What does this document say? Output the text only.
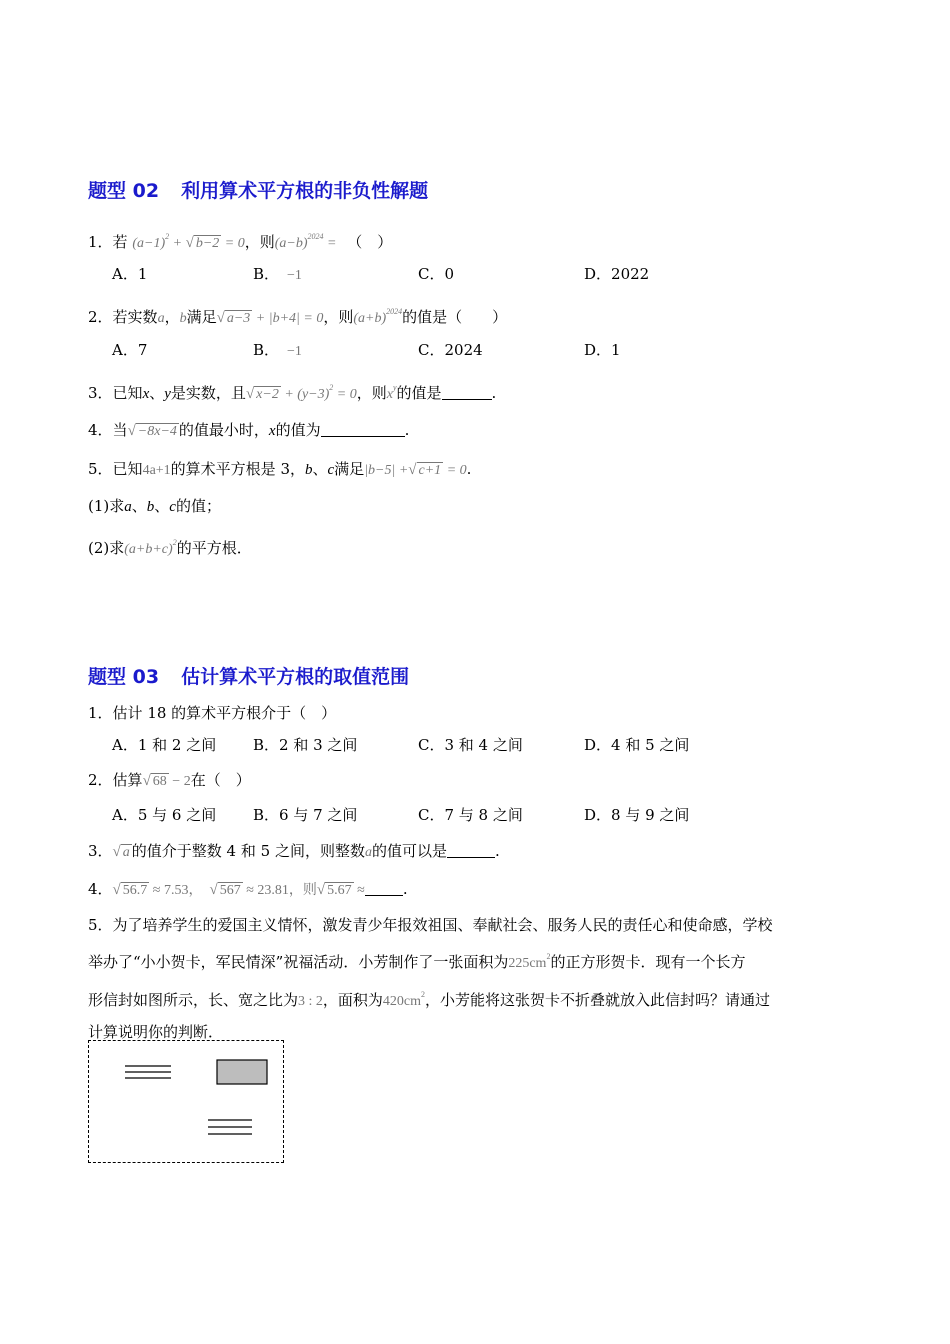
题型 02 利用算术平方根的非负性解题
1．若 $(a-1)^2$ + √ b−2 = 0，则$(a-b)^{2024}$ = （　）
A．1	B． −1	C．0	D．2022
2．若实数a，b满足√ a−3 + |b+4| = 0，则$(a+b)^{2024}$的值是（　　）
A．7	B． −1	C．2024	D．1
3．已知x、y是实数，且√ $x-2 + (y-3)^2 = 0$，则$x^y$的值是	.
4．当√ −8x−4 的值最小时，x的值为	.
5．已知4a+1的算术平方根是 3，b、c满足|b−5| +√ c+1 = 0.
(1)求a、b、c的值；
(2)求$(a+b+c)^2$的平方根．
题型 03 估计算术平方根的取值范围
1．估计 18 的算术平方根介于（　）
A．1 和 2 之间 B．2 和 3 之间	C．3 和 4 之间	D．4 和 5 之间
2．估算√ 68 − 2在（　）
A．5 与 6 之间 B．6 与 7 之间	C．7 与 8 之间	D．8 与 9 之间
3．√ a 的值介于整数 4 和 5 之间，则整数a的值可以是	.
4．√ 56.7 ≈ 7.53，　 √ 567 ≈ 23.81，则√ 5.67 ≈	.
5．为了培养学生的爱国主义情怀，激发青少年报效祖国、奉献社会、服务人民的责任心和使命感，学校
举办了“小小贺卡，军民情深”祝福活动．小芳制作了一张面积为$225cm^2$的正方形贺卡．现有一个长方
形信封如图所示，长、宽之比为3 : 2，面积为$420cm^2$，小芳能将这张贺卡不折叠就放入此信封吗？请通过
计算说明你的判断．
